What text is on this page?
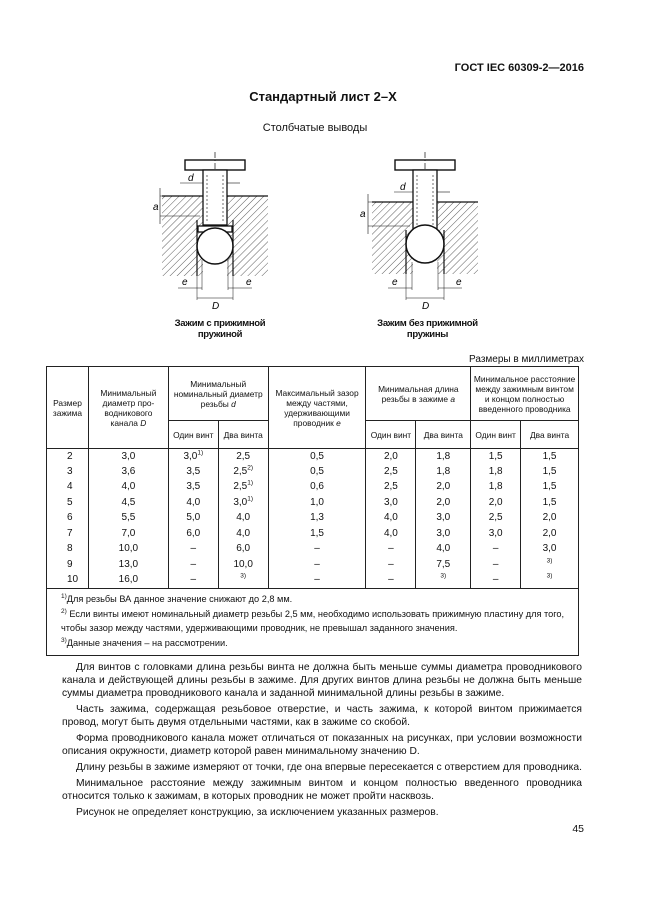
ГОСТ IEC 60309-2—2016
Стандартный лист 2–X
Столбчатые выводы
a
d
e	e
D
Зажим с прижимной
пружиной
a
d
e	e
D
Зажим без прижимной
пружины
Размеры в миллиметрах
Размер зажима	Минимальный диаметр про-водникового канала D	Минимальный номинальный диаметр резьбы d		Максимальный зазор между частями, удерживающими проводник e	Минимальная длина резьбы в зажиме a		Минимальное расстояние между зажимным винтом и концом полностью введенного проводника	
		Один винт	Два винта		Один винт	Два винта	Один винт	Два винта
2	3,0	3,0$^{1)}$	2,5	0,5	2,0	1,8	1,5	1,5
3	3,6	3,5	2,5$^{2)}$	0,5	2,5	1,8	1,8	1,5
4	4,0	3,5	2,5$^{1)}$	0,6	2,5	2,0	1,8	1,5
5	4,5	4,0	3,0$^{1)}$	1,0	3,0	2,0	2,0	1,5
6	5,5	5,0	4,0	1,3	4,0	3,0	2,5	2,0
7	7,0	6,0	4,0	1,5	4,0	3,0	3,0	2,0
8	10,0	–	6,0	–	–	4,0	–	3,0
9	13,0	–	10,0	–	–	7,5	–	$^{3)}$
10	16,0	–	$^{3)}$	–	–	$^{3)}$	–	$^{3)}$

$^{1)}$Для резьбы ВА данное значение снижают до 2,8 мм.
$^{2)}$ Если винты имеют номинальный диаметр резьбы 2,5 мм, необходимо использовать прижимную пластину для того, чтобы зазор между частями, удерживающими проводник, не превышал заданного значения.
$^{3)}$Данные значения – на рассмотрении.								

Для винтов с головками длина резьбы винта не должна быть меньше суммы диаметра проводникового канала и действующей длины резьбы в зажиме. Для других винтов длина резьбы не должна быть меньше суммы диаметра проводникового канала и заданной минимальной длины резьбы в зажиме.

Часть зажима, содержащая резьбовое отверстие, и часть зажима, к которой винтом прижимается провод, могут быть двумя отдельными частями, как в зажиме со скобой.

Форма проводникового канала может отличаться от показанных на рисунках, при условии возможности описания окружности, диаметр которой равен минимальному значению D.

Длину резьбы в зажиме измеряют от точки, где она впервые пересекается с отверстием для проводника.

Минимальное расстояние между зажимным винтом и концом полностью введенного проводника относится только к зажимам, в которых проводник не может пройти насквозь.

Рисунок не определяет конструкцию, за исключением указанных размеров.

45
